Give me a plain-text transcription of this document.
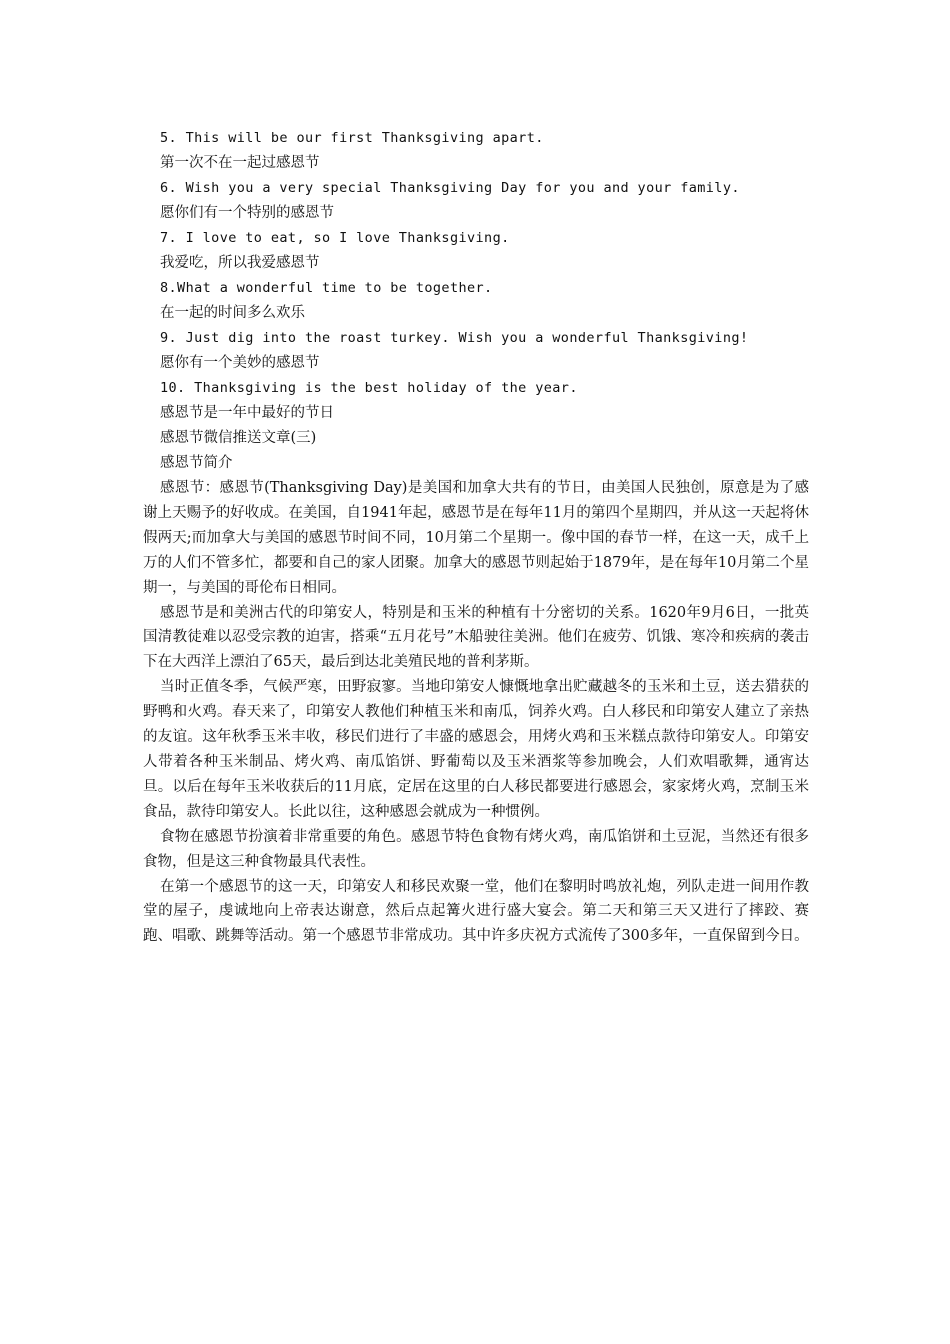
5. This will be our first Thanksgiving apart.
第一次不在一起过感恩节
6. Wish you a very special Thanksgiving Day for you and your family.
愿你们有一个特别的感恩节
7. I love to eat, so I love Thanksgiving.
我爱吃，所以我爱感恩节
8.What a wonderful time to be together.
在一起的时间多么欢乐
9. Just dig into the roast turkey. Wish you a wonderful Thanksgiving!
愿你有一个美妙的感恩节
10. Thanksgiving is the best holiday of the year.
感恩节是一年中最好的节日
感恩节微信推送文章(三)
感恩节简介

感恩节：感恩节(Thanksgiving Day)是美国和加拿大共有的节日，由美国人民独创，原意是为了感谢上天赐予的好收成。在美国，自1941年起，感恩节是在每年11月的第四个星期四，并从这一天起将休假两天;而加拿大与美国的感恩节时间不同，10月第二个星期一。像中国的春节一样，在这一天，成千上万的人们不管多忙，都要和自己的家人团聚。加拿大的感恩节则起始于1879年，是在每年10月第二个星期一，与美国的哥伦布日相同。

感恩节是和美洲古代的印第安人，特别是和玉米的种植有十分密切的关系。1620年9月6日，一批英国清教徒难以忍受宗教的迫害，搭乘“五月花号”木船驶往美洲。他们在疲劳、饥饿、寒冷和疾病的袭击下在大西洋上漂泊了65天，最后到达北美殖民地的普利茅斯。

当时正值冬季，气候严寒，田野寂寥。当地印第安人慷慨地拿出贮藏越冬的玉米和土豆，送去猎获的野鸭和火鸡。春天来了，印第安人教他们种植玉米和南瓜，饲养火鸡。白人移民和印第安人建立了亲热的友谊。这年秋季玉米丰收，移民们进行了丰盛的感恩会，用烤火鸡和玉米糕点款待印第安人。印第安人带着各种玉米制品、烤火鸡、南瓜馅饼、野葡萄以及玉米酒浆等参加晚会，人们欢唱歌舞，通宵达旦。以后在每年玉米收获后的11月底，定居在这里的白人移民都要进行感恩会，家家烤火鸡，烹制玉米食品，款待印第安人。长此以往，这种感恩会就成为一种惯例。

食物在感恩节扮演着非常重要的角色。感恩节特色食物有烤火鸡，南瓜馅饼和土豆泥，当然还有很多食物，但是这三种食物最具代表性。

在第一个感恩节的这一天，印第安人和移民欢聚一堂，他们在黎明时鸣放礼炮，列队走进一间用作教堂的屋子，虔诚地向上帝表达谢意，然后点起篝火进行盛大宴会。第二天和第三天又进行了摔跤、赛跑、唱歌、跳舞等活动。第一个感恩节非常成功。其中许多庆祝方式流传了300多年，一直保留到今日。
